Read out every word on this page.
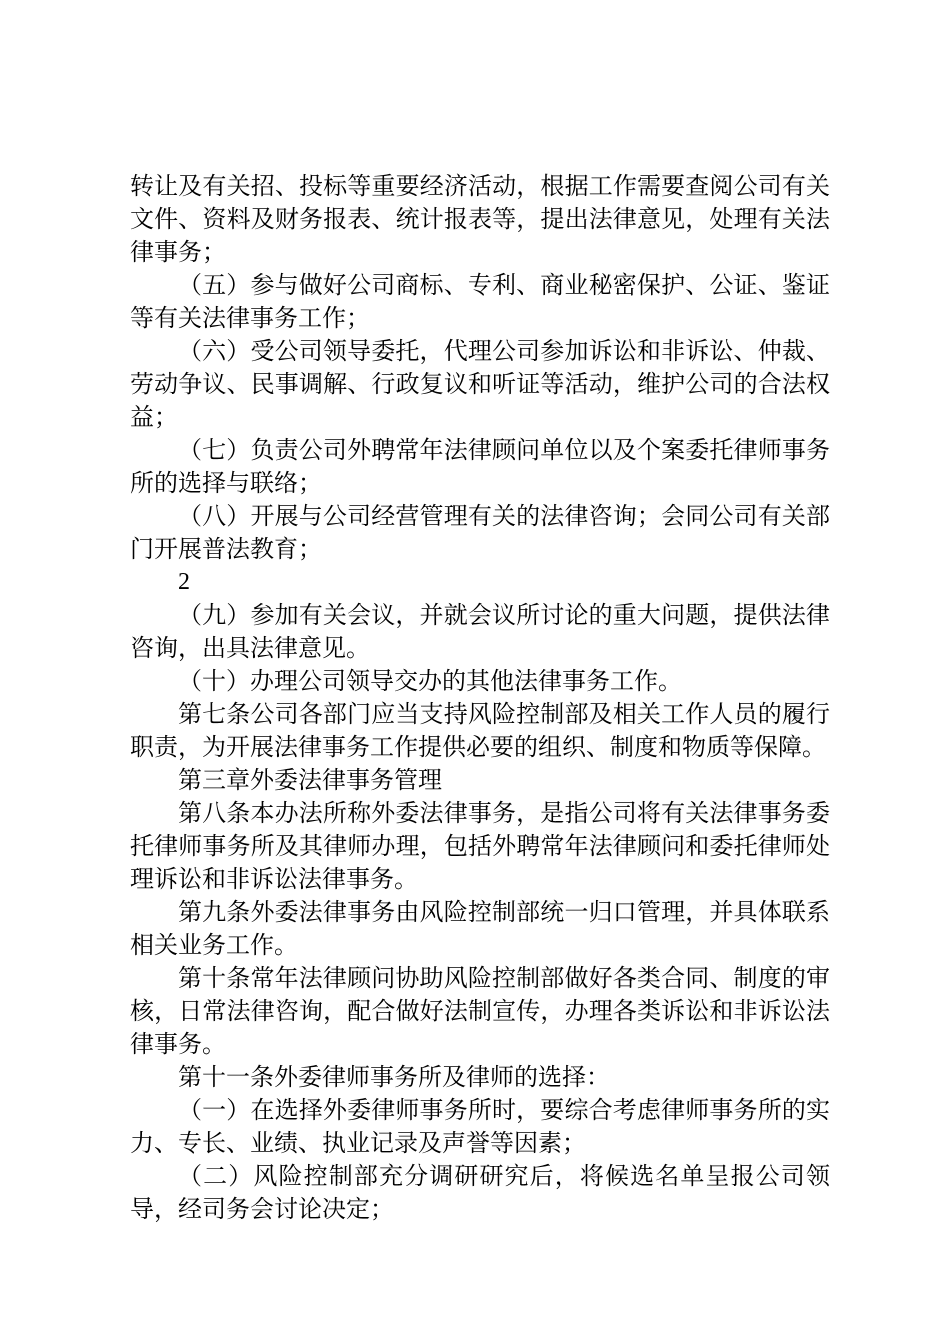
转让及有关招、投标等重要经济活动，根据工作需要查阅公司有关文件、资料及财务报表、统计报表等，提出法律意见，处理有关法律事务；

（五）参与做好公司商标、专利、商业秘密保护、公证、鉴证等有关法律事务工作；

（六）受公司领导委托，代理公司参加诉讼和非诉讼、仲裁、劳动争议、民事调解、行政复议和听证等活动，维护公司的合法权益；

（七）负责公司外聘常年法律顾问单位以及个案委托律师事务所的选择与联络；

（八）开展与公司经营管理有关的法律咨询；会同公司有关部门开展普法教育；

2

（九）参加有关会议，并就会议所讨论的重大问题，提供法律咨询，出具法律意见。

（十）办理公司领导交办的其他法律事务工作。

第七条公司各部门应当支持风险控制部及相关工作人员的履行职责，为开展法律事务工作提供必要的组织、制度和物质等保障。

第三章外委法律事务管理

第八条本办法所称外委法律事务，是指公司将有关法律事务委托律师事务所及其律师办理，包括外聘常年法律顾问和委托律师处理诉讼和非诉讼法律事务。

第九条外委法律事务由风险控制部统一归口管理，并具体联系相关业务工作。

第十条常年法律顾问协助风险控制部做好各类合同、制度的审核，日常法律咨询，配合做好法制宣传，办理各类诉讼和非诉讼法律事务。

第十一条外委律师事务所及律师的选择：

（一）在选择外委律师事务所时，要综合考虑律师事务所的实力、专长、业绩、执业记录及声誉等因素；

（二）风险控制部充分调研研究后，将候选名单呈报公司领导，经司务会讨论决定；
